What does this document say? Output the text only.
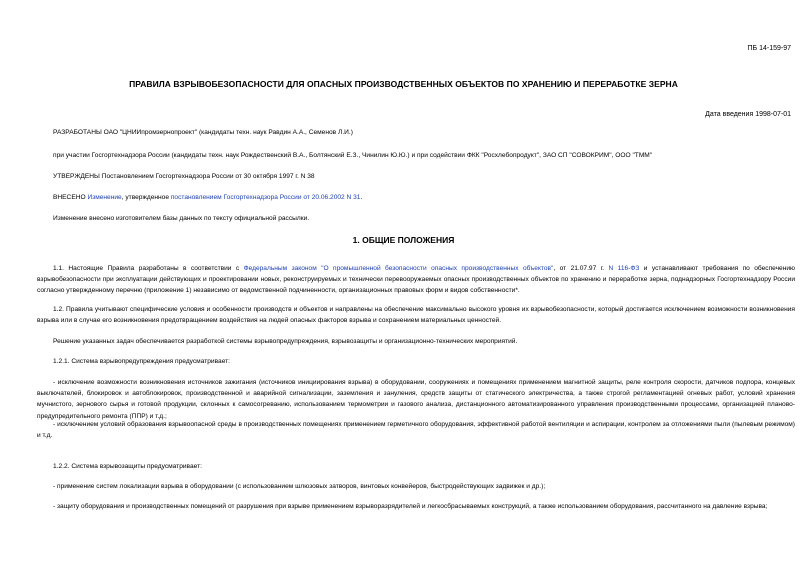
ПБ 14-159-97
ПРАВИЛА ВЗРЫВОБЕЗОПАСНОСТИ ДЛЯ ОПАСНЫХ ПРОИЗВОДСТВЕННЫХ ОБЪЕКТОВ ПО ХРАНЕНИЮ И ПЕРЕРАБОТКЕ ЗЕРНА
Дата введения 1998-07-01
РАЗРАБОТАНЫ ОАО "ЦНИИпромзернопроект" (кандидаты техн. наук Равдин А.А., Семенов Л.И.)
при участии Госгортехнадзора России (кандидаты техн. наук Рождественский В.А., Болтянский Е.З., Чинилин Ю.Ю.) и при содействии ФКК "Росхлебопродукт", ЗАО СП "СОВОКРИМ", ООО "ТММ"
УТВЕРЖДЕНЫ Постановлением Госгортехнадзора России от 30 октября 1997 г. N 38
ВНЕСЕНО Изменение, утвержденное постановлением Госгортехнадзора России от 20.06.2002 N 31.
Изменение внесено изготовителем базы данных по тексту официальной рассылки.
1. ОБЩИЕ ПОЛОЖЕНИЯ
1.1. Настоящие Правила разработаны в соответствии с Федеральным законом "О промышленной безопасности опасных производственных объектов", от 21.07.97 г. N 116-ФЗ и устанавливают требования по обеспечению взрывобезопасности при эксплуатации действующих и проектировании новых, реконструируемых и технически перевооружаемых опасных производственных объектов по хранению и переработке зерна, поднадзорных Госгортехнадзору России согласно утвержденному перечню (приложение 1) независимо от ведомственной подчиненности, организационных правовых форм и видов собственности*.
1.2. Правила учитывают специфические условия и особенности производств и объектов и направлены на обеспечение максимально высокого уровня их взрывобезопасности, который достигается исключением возможности возникновения взрыва или в случае его возникновения предотвращением воздействия на людей опасных факторов взрыва и сохранением материальных ценностей.
Решение указанных задач обеспечивается разработкой системы взрывопредупреждения, взрывозащиты и организационно-технических мероприятий.
1.2.1. Система взрывопредупреждения предусматривает:
- исключение возможности возникновения источников зажигания (источников инициирования взрыва) в оборудовании, сооружениях и помещениях применением магнитной защиты, реле контроля скорости, датчиков подпора, концевых выключателей, блокировок и автоблокировок, производственной и аварийной сигнализации, заземления и зануления, средств защиты от статического электричества, а также строгой регламентацией огневых работ, условий хранения мучнистого, зернового сырья и готовой продукции, склонных к самосогреванию, использованием термометрии и газового анализа, дистанционного автоматизированного управления производственными процессами, организацией планово-предупредительного ремонта (ППР) и т.д.;
- исключением условий образования взрывоопасной среды в производственных помещениях применением герметичного оборудования, эффективной работой вентиляции и аспирации, контролем за отложениями пыли (пылевым режимом) и т.д.
1.2.2. Система взрывозащиты предусматривает:
- применение систем локализации взрыва в оборудовании (с использованием шлюзовых затворов, винтовых конвейеров, быстродействующих задвижек и др.);
- защиту оборудования и производственных помещений от разрушения при взрыве применением взрыворазрядителей и легкосбрасываемых конструкций, а также использованием оборудования, рассчитанного на давление взрыва;
